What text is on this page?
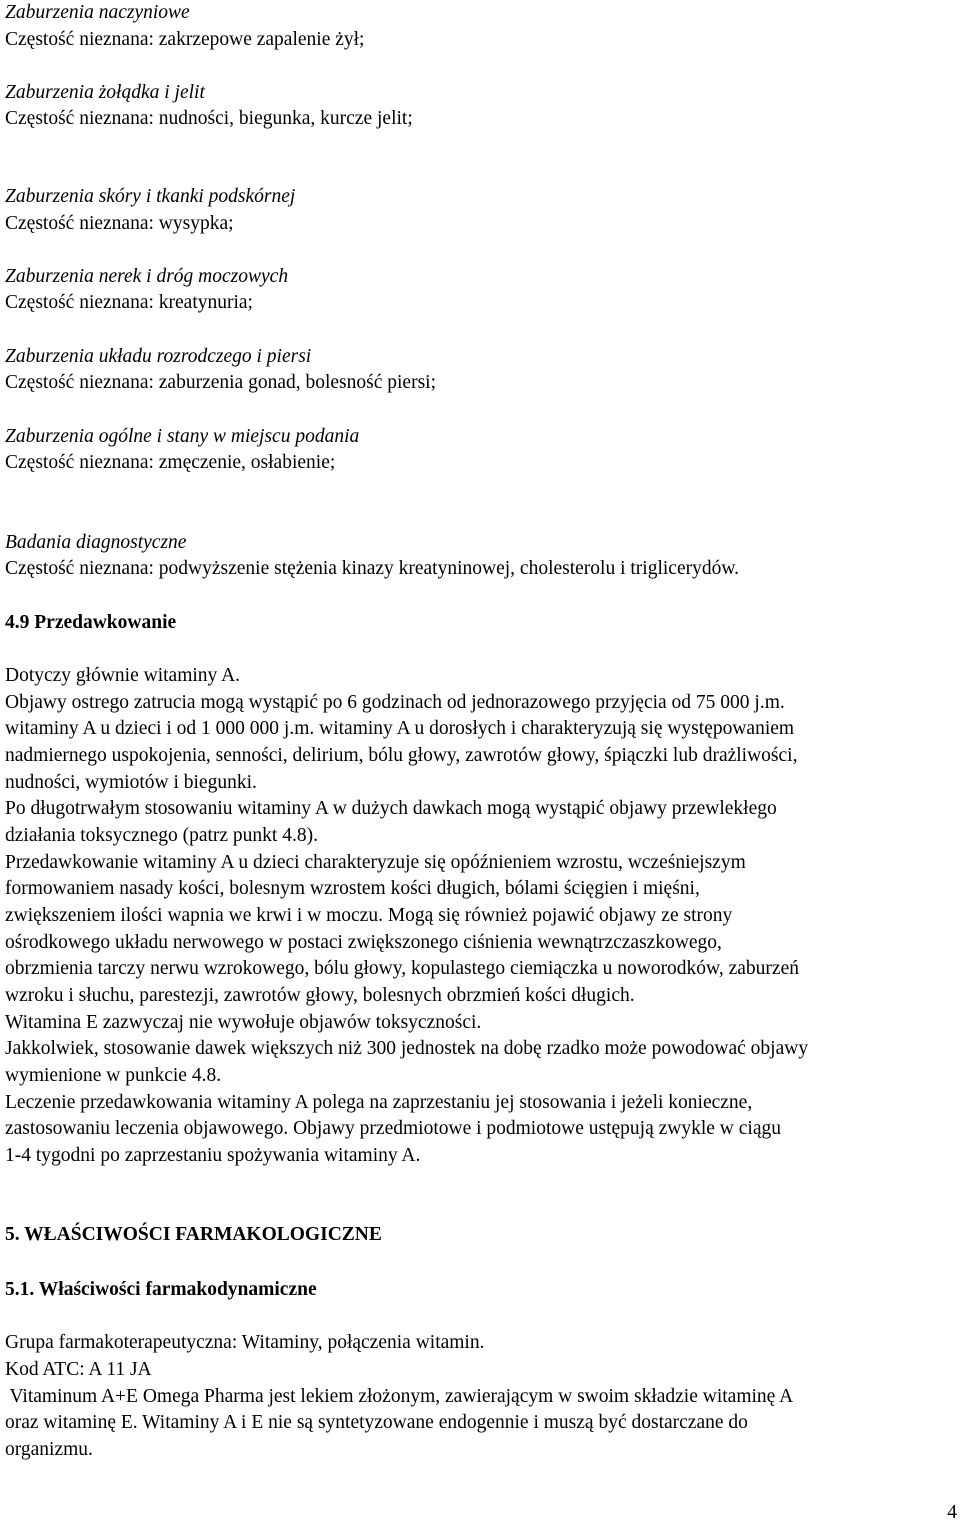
Zaburzenia naczyniowe
Częstość nieznana: zakrzepowe zapalenie żył;
Zaburzenia żołądka i jelit
Częstość nieznana: nudności, biegunka, kurcze jelit;
Zaburzenia skóry i tkanki podskórnej
Częstość nieznana: wysypka;
Zaburzenia nerek i dróg moczowych
Częstość nieznana: kreatynuria;
Zaburzenia układu rozrodczego i piersi
Częstość nieznana: zaburzenia gonad, bolesność piersi;
Zaburzenia ogólne i stany w miejscu podania
Częstość nieznana: zmęczenie, osłabienie;
Badania diagnostyczne
Częstość nieznana: podwyższenie stężenia kinazy kreatyninowej, cholesterolu i triglicerydów.
4.9 Przedawkowanie
Dotyczy głównie witaminy A.
Objawy ostrego zatrucia mogą wystąpić po 6 godzinach od jednorazowego przyjęcia od 75 000 j.m.
witaminy A u dzieci i od 1 000 000 j.m. witaminy A u dorosłych i charakteryzują się występowaniem
nadmiernego uspokojenia, senności, delirium, bólu głowy, zawrotów głowy, śpiączki lub drażliwości,
nudności, wymiotów i biegunki.
Po długotrwałym stosowaniu witaminy A w dużych dawkach mogą wystąpić objawy przewlekłego
działania toksycznego (patrz punkt 4.8).
Przedawkowanie witaminy A u dzieci charakteryzuje się opóźnieniem wzrostu, wcześniejszym
formowaniem nasady kości, bolesnym wzrostem kości długich, bólami ścięgien i mięśni,
zwiększeniem ilości wapnia we krwi i w moczu. Mogą się również pojawić objawy ze strony
ośrodkowego układu nerwowego w postaci zwiększonego ciśnienia wewnątrzczaszkowego,
obrzmienia tarczy nerwu wzrokowego, bólu głowy, kopulastego ciemiączka u noworodków, zaburzeń
wzroku i słuchu, parestezji, zawrotów głowy, bolesnych obrzmień kości długich.
Witamina E zazwyczaj nie wywołuje objawów toksyczności.
Jakkolwiek, stosowanie dawek większych niż 300 jednostek na dobę rzadko może powodować objawy
wymienione w punkcie 4.8.
Leczenie przedawkowania witaminy A polega na zaprzestaniu jej stosowania i jeżeli konieczne,
zastosowaniu leczenia objawowego. Objawy przedmiotowe i podmiotowe ustępują zwykle w ciągu
1-4 tygodni po zaprzestaniu spożywania witaminy A.
5. WŁAŚCIWOŚCI FARMAKOLOGICZNE
5.1. Właściwości farmakodynamiczne
Grupa farmakoterapeutyczna: Witaminy, połączenia witamin.
Kod ATC: A 11 JA
Vitaminum A+E Omega Pharma jest lekiem złożonym, zawierającym w swoim składzie witaminę A
oraz witaminę E. Witaminy A i E nie są syntetyzowane endogennie i muszą być dostarczane do
organizmu.
4
